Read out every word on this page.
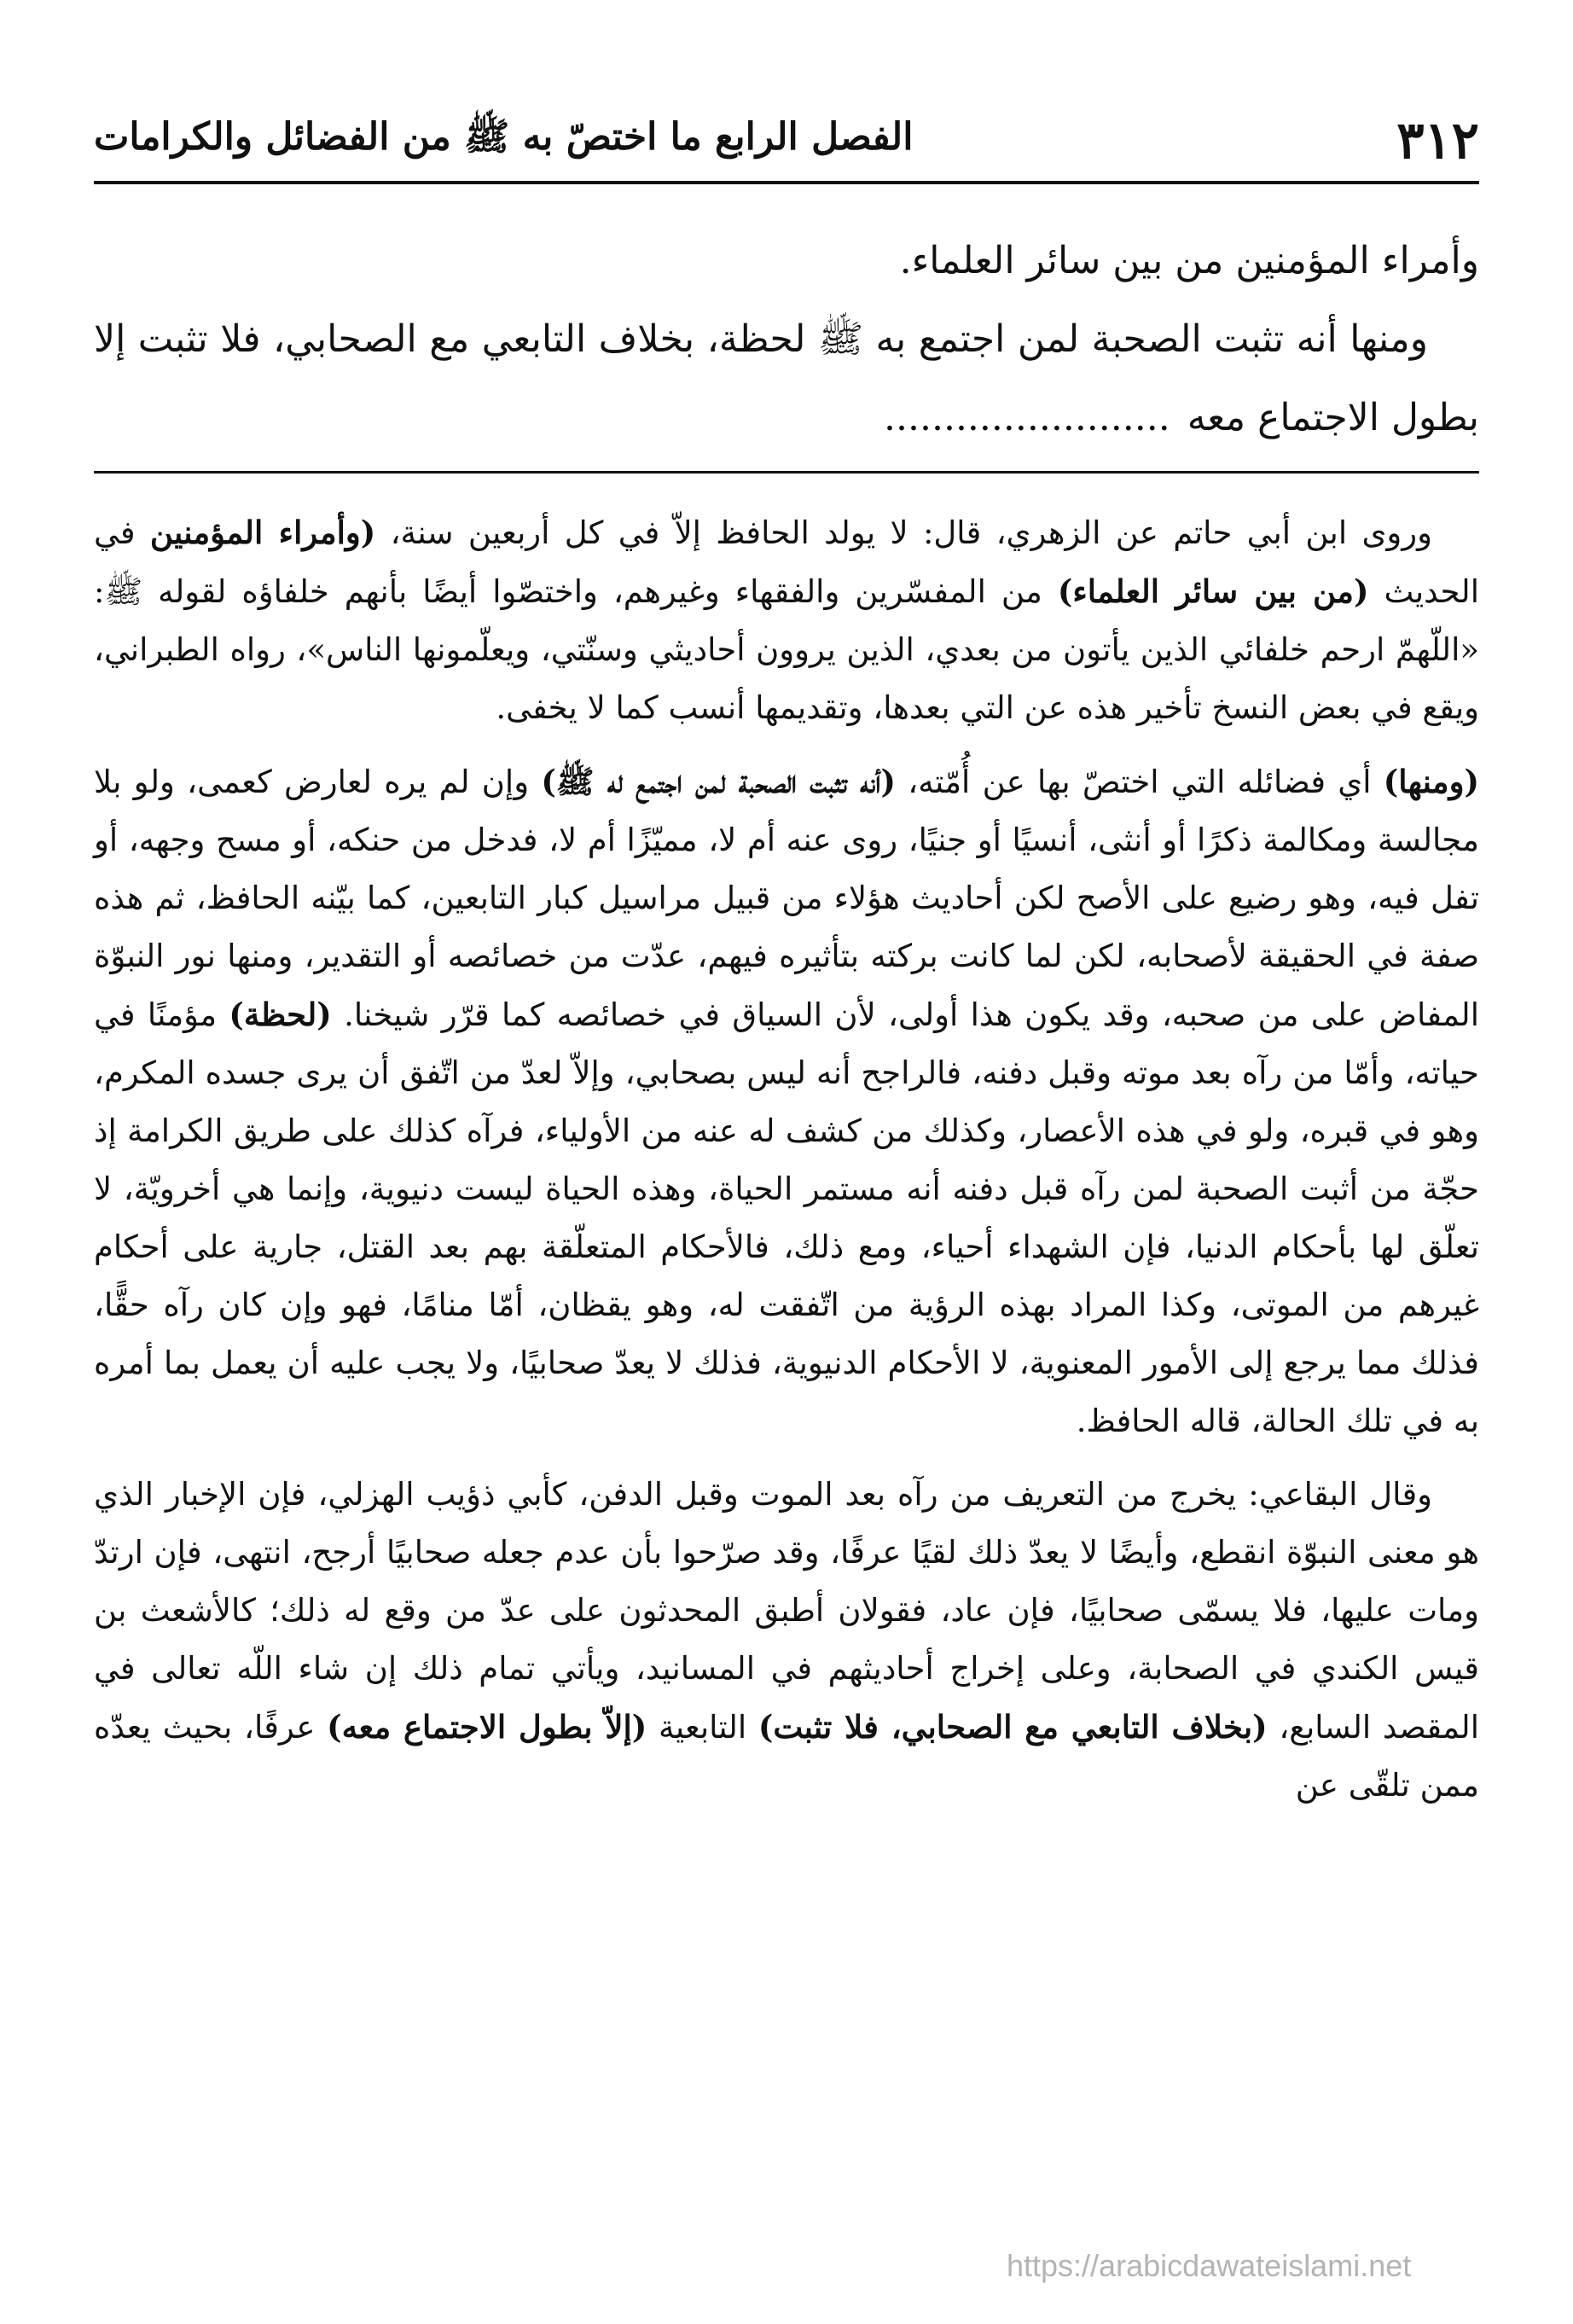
٣١٢
الفصل الرابع ما اختصّ به ﷺ من الفضائل والكرامات

وأمراء المؤمنين من بين سائر العلماء.

ومنها أنه تثبت الصحبة لمن اجتمع به ﷺ لحظة، بخلاف التابعي مع الصحابي، فلا تثبت إلا بطول الاجتماع معه........................

وروى ابن أبي حاتم عن الزهري، قال: لا يولد الحافظ إلاّ في كل أربعين سنة، (وأمراء المؤمنين في الحديث (من بين سائر العلماء) من المفسّرين والفقهاء وغيرهم، واختصّوا أيضًا بأنهم خلفاؤه لقوله ﷺ: «اللّهمّ ارحم خلفائي الذين يأتون من بعدي، الذين يروون أحاديثي وسنّتي، ويعلّمونها الناس»، رواه الطبراني، ويقع في بعض النسخ تأخير هذه عن التي بعدها، وتقديمها أنسب كما لا يخفى.

(ومنها) أي فضائله التي اختصّ بها عن أُمّته، (أنه تثبت الصحبة لمن اجتمع له ﷺ) وإن لم يره لعارض كعمى، ولو بلا مجالسة ومكالمة ذكرًا أو أنثى، أنسيًا أو جنيًا، روى عنه أم لا، مميّزًا أم لا، فدخل من حنكه، أو مسح وجهه، أو تفل فيه، وهو رضيع على الأصح لكن أحاديث هؤلاء من قبيل مراسيل كبار التابعين، كما بيّنه الحافظ، ثم هذه صفة في الحقيقة لأصحابه، لكن لما كانت بركته بتأثيره فيهم، عدّت من خصائصه أو التقدير، ومنها نور النبوّة المفاض على من صحبه، وقد يكون هذا أولى، لأن السياق في خصائصه كما قرّر شيخنا. (لحظة) مؤمنًا في حياته، وأمّا من رآه بعد موته وقبل دفنه، فالراجح أنه ليس بصحابي، وإلاّ لعدّ من اتّفق أن يرى جسده المكرم، وهو في قبره، ولو في هذه الأعصار، وكذلك من كشف له عنه من الأولياء، فرآه كذلك على طريق الكرامة إذ حجّة من أثبت الصحبة لمن رآه قبل دفنه أنه مستمر الحياة، وهذه الحياة ليست دنيوية، وإنما هي أخرويّة، لا تعلّق لها بأحكام الدنيا، فإن الشهداء أحياء، ومع ذلك، فالأحكام المتعلّقة بهم بعد القتل، جارية على أحكام غيرهم من الموتى، وكذا المراد بهذه الرؤية من اتّفقت له، وهو يقظان، أمّا منامًا، فهو وإن كان رآه حقًّا، فذلك مما يرجع إلى الأمور المعنوية، لا الأحكام الدنيوية، فذلك لا يعدّ صحابيًا، ولا يجب عليه أن يعمل بما أمره به في تلك الحالة، قاله الحافظ.

وقال البقاعي: يخرج من التعريف من رآه بعد الموت وقبل الدفن، كأبي ذؤيب الهزلي، فإن الإخبار الذي هو معنى النبوّة انقطع، وأيضًا لا يعدّ ذلك لقيًا عرفًا، وقد صرّحوا بأن عدم جعله صحابيًا أرجح، انتهى، فإن ارتدّ ومات عليها، فلا يسمّى صحابيًا، فإن عاد، فقولان أطبق المحدثون على عدّ من وقع له ذلك؛ كالأشعث بن قيس الكندي في الصحابة، وعلى إخراج أحاديثهم في المسانيد، ويأتي تمام ذلك إن شاء اللّه تعالى في المقصد السابع، (بخلاف التابعي مع الصحابي، فلا تثبت) التابعية (إلاّ بطول الاجتماع معه) عرفًا، بحيث يعدّه ممن تلقّى عن

https://arabicdawateislami.net
